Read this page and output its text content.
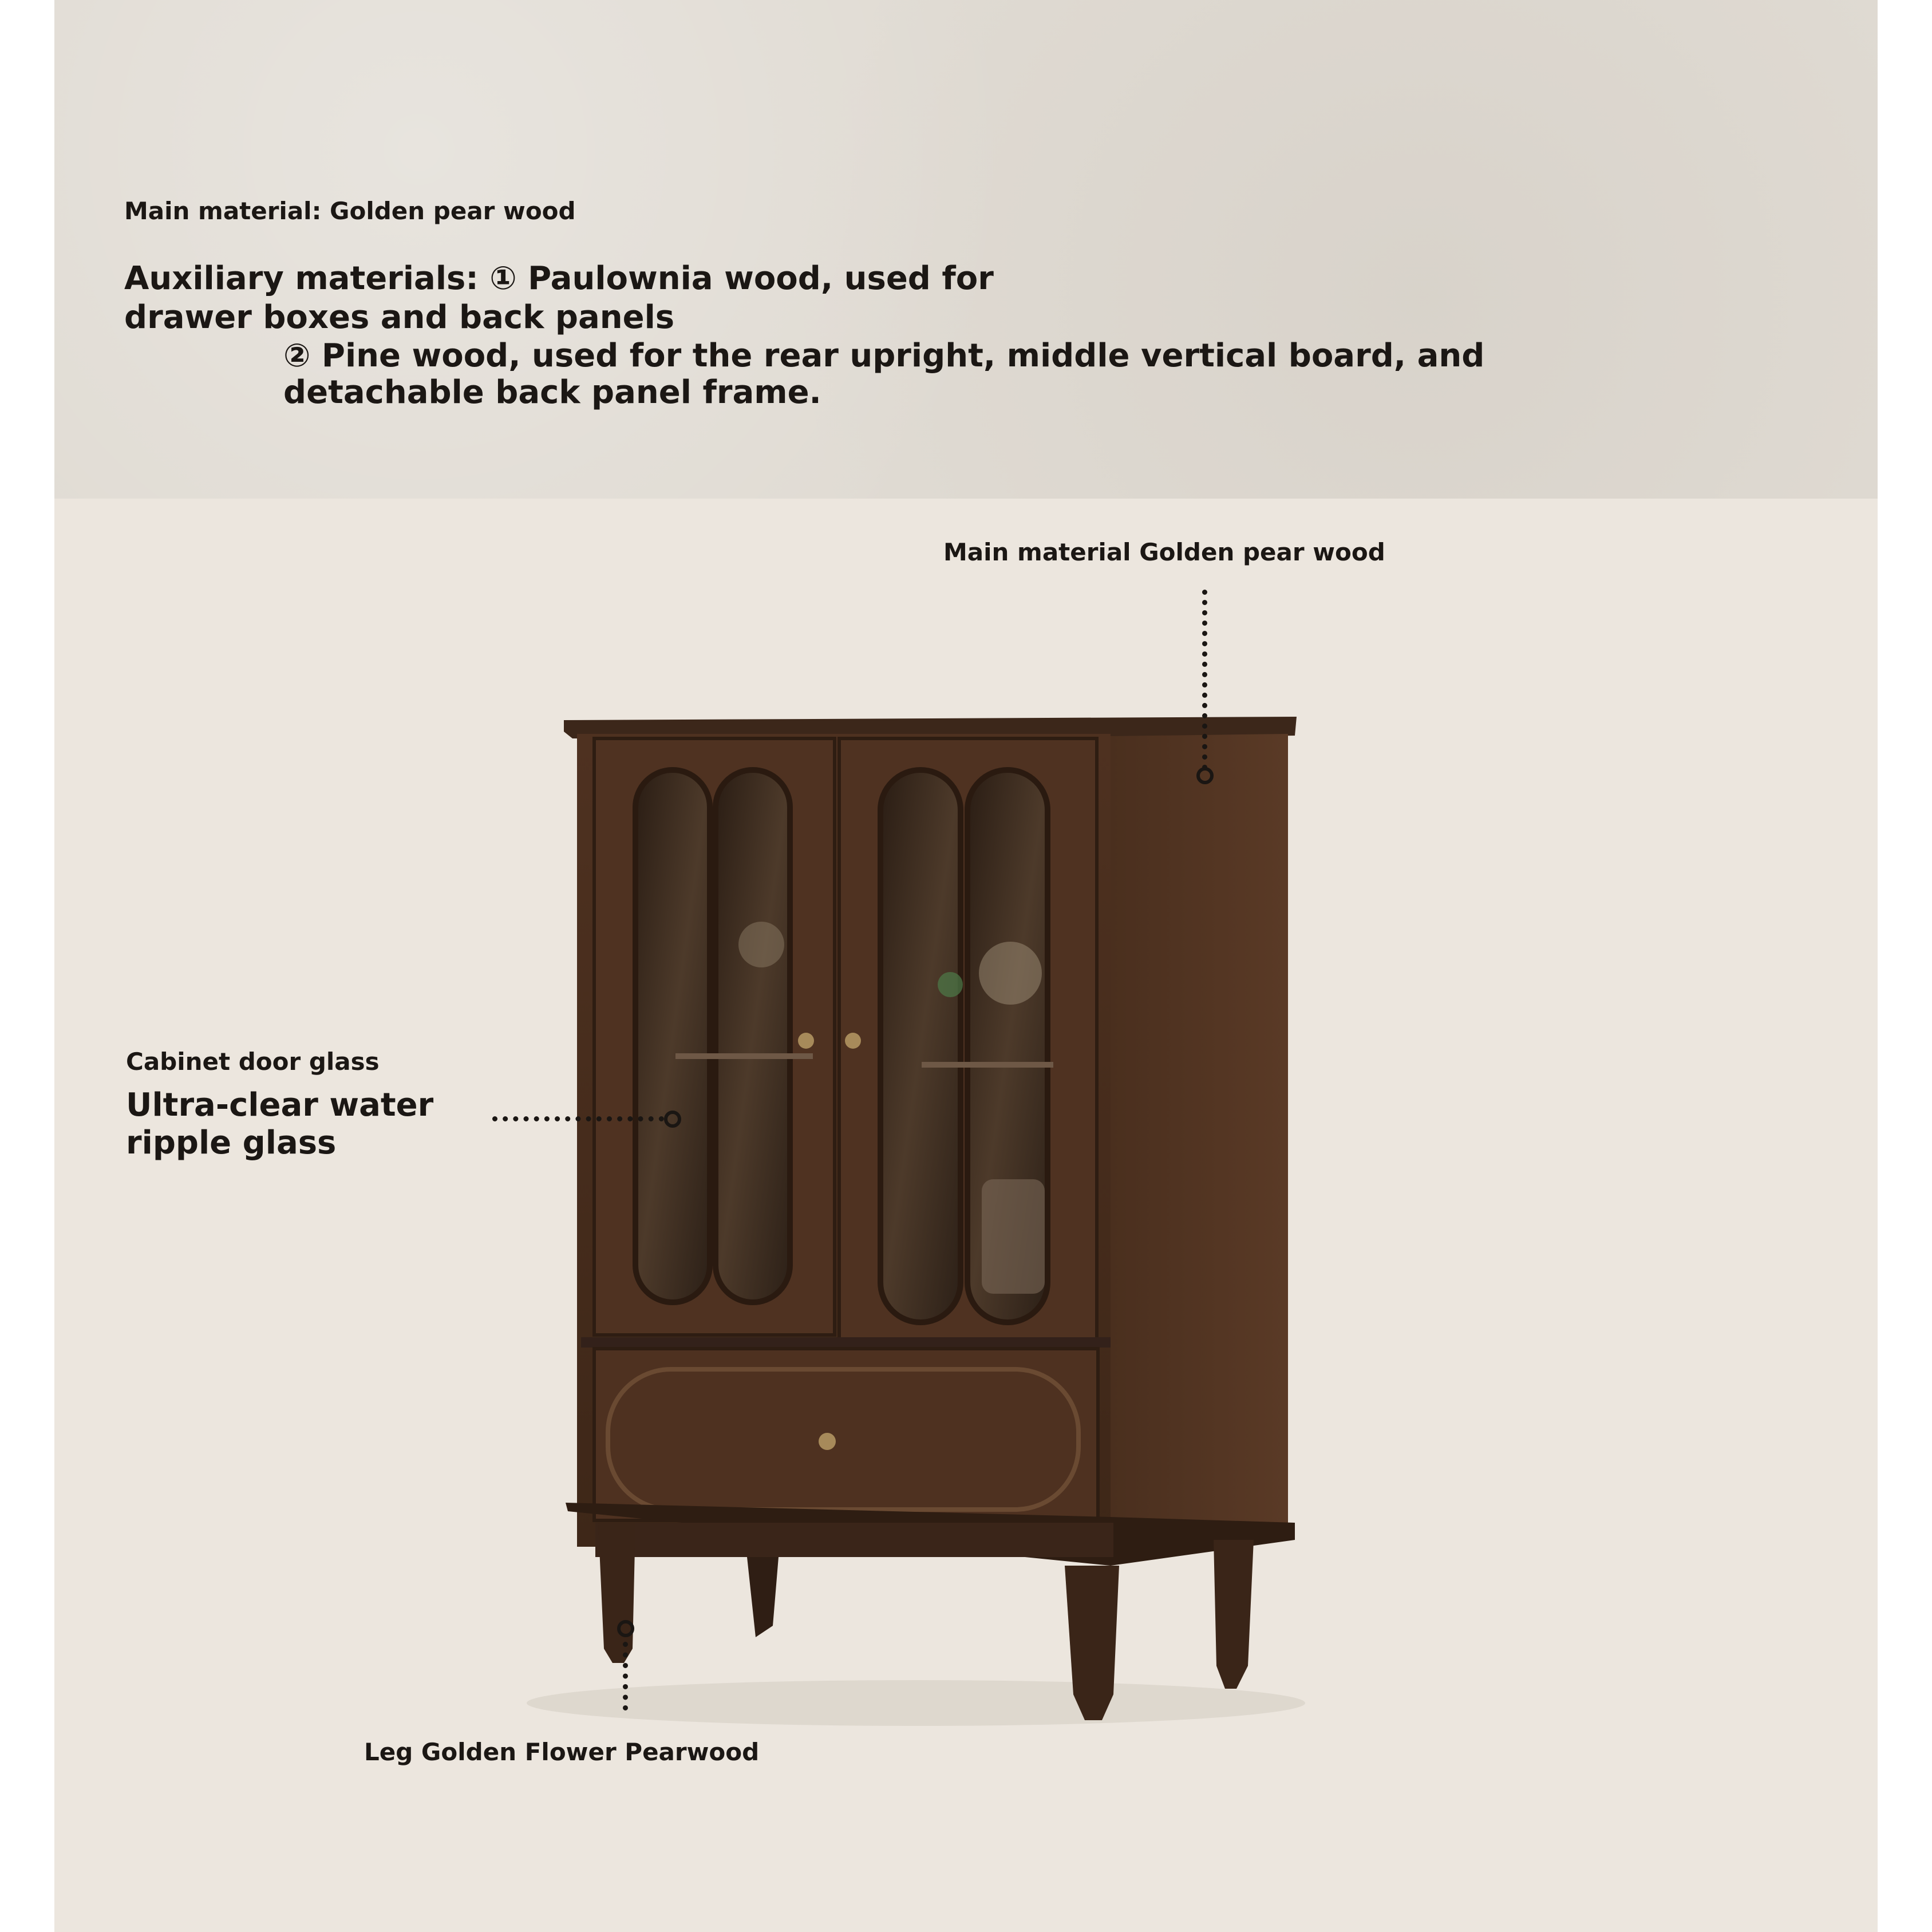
Main material: Golden pear wood

Auxiliary materials: ① Paulownia wood, used for

drawer boxes and back panels

② Pine wood, used for the rear upright, middle vertical board, and

detachable back panel frame.

Main material Golden pear wood

Cabinet door glass

Ultra-clear water

ripple glass

Leg Golden Flower Pearwood
